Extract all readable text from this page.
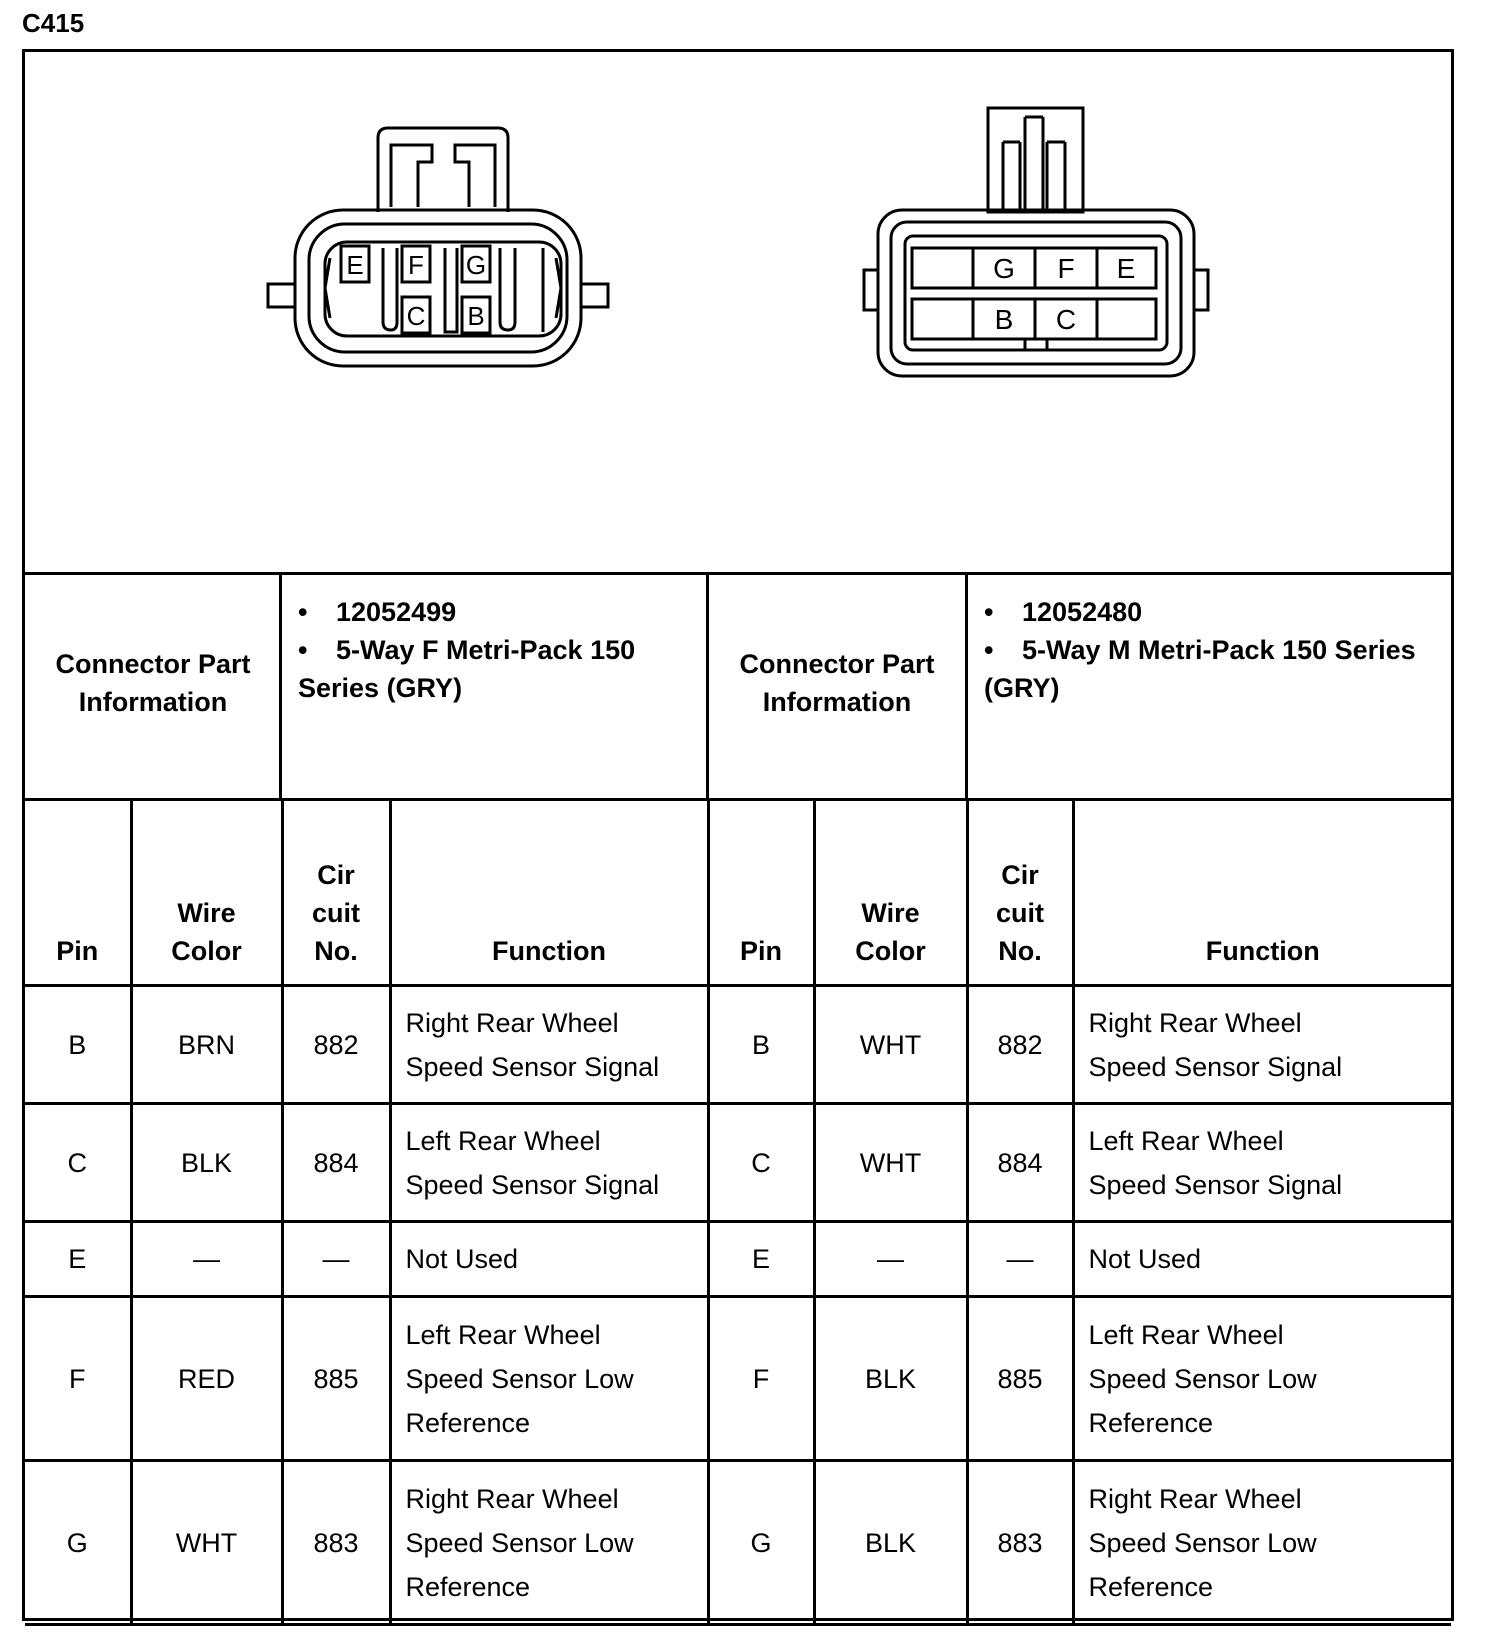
C415
E F G
C B
G F E
B C
Connector Part Information
•	12052499
• 5-Way F Metri-Pack 150 Series (GRY)
Connector Part Information
•	12052480
• 5-Way M Metri-Pack 150 Series (GRY)
Pin	Wire Color	Cir cuit No.	Function	Pin	Wire Color	Cir cuit No.	Function
B	BRN	882	Right Rear Wheel Speed Sensor Signal	B	WHT	882	Right Rear Wheel Speed Sensor Signal

C	BLK	884	Left Rear Wheel Speed Sensor Signal	C	WHT	884	Left Rear Wheel Speed Sensor Signal

E	—	—	Not Used	E	—	—	Not Used
F	RED	885	Left Rear Wheel Speed Sensor Low Reference	F	BLK	885	Left Rear Wheel Speed Sensor Low Reference

G	WHT	883	Right Rear Wheel Speed Sensor Low Reference	G	BLK	883	Right Rear Wheel Speed Sensor Low Reference
